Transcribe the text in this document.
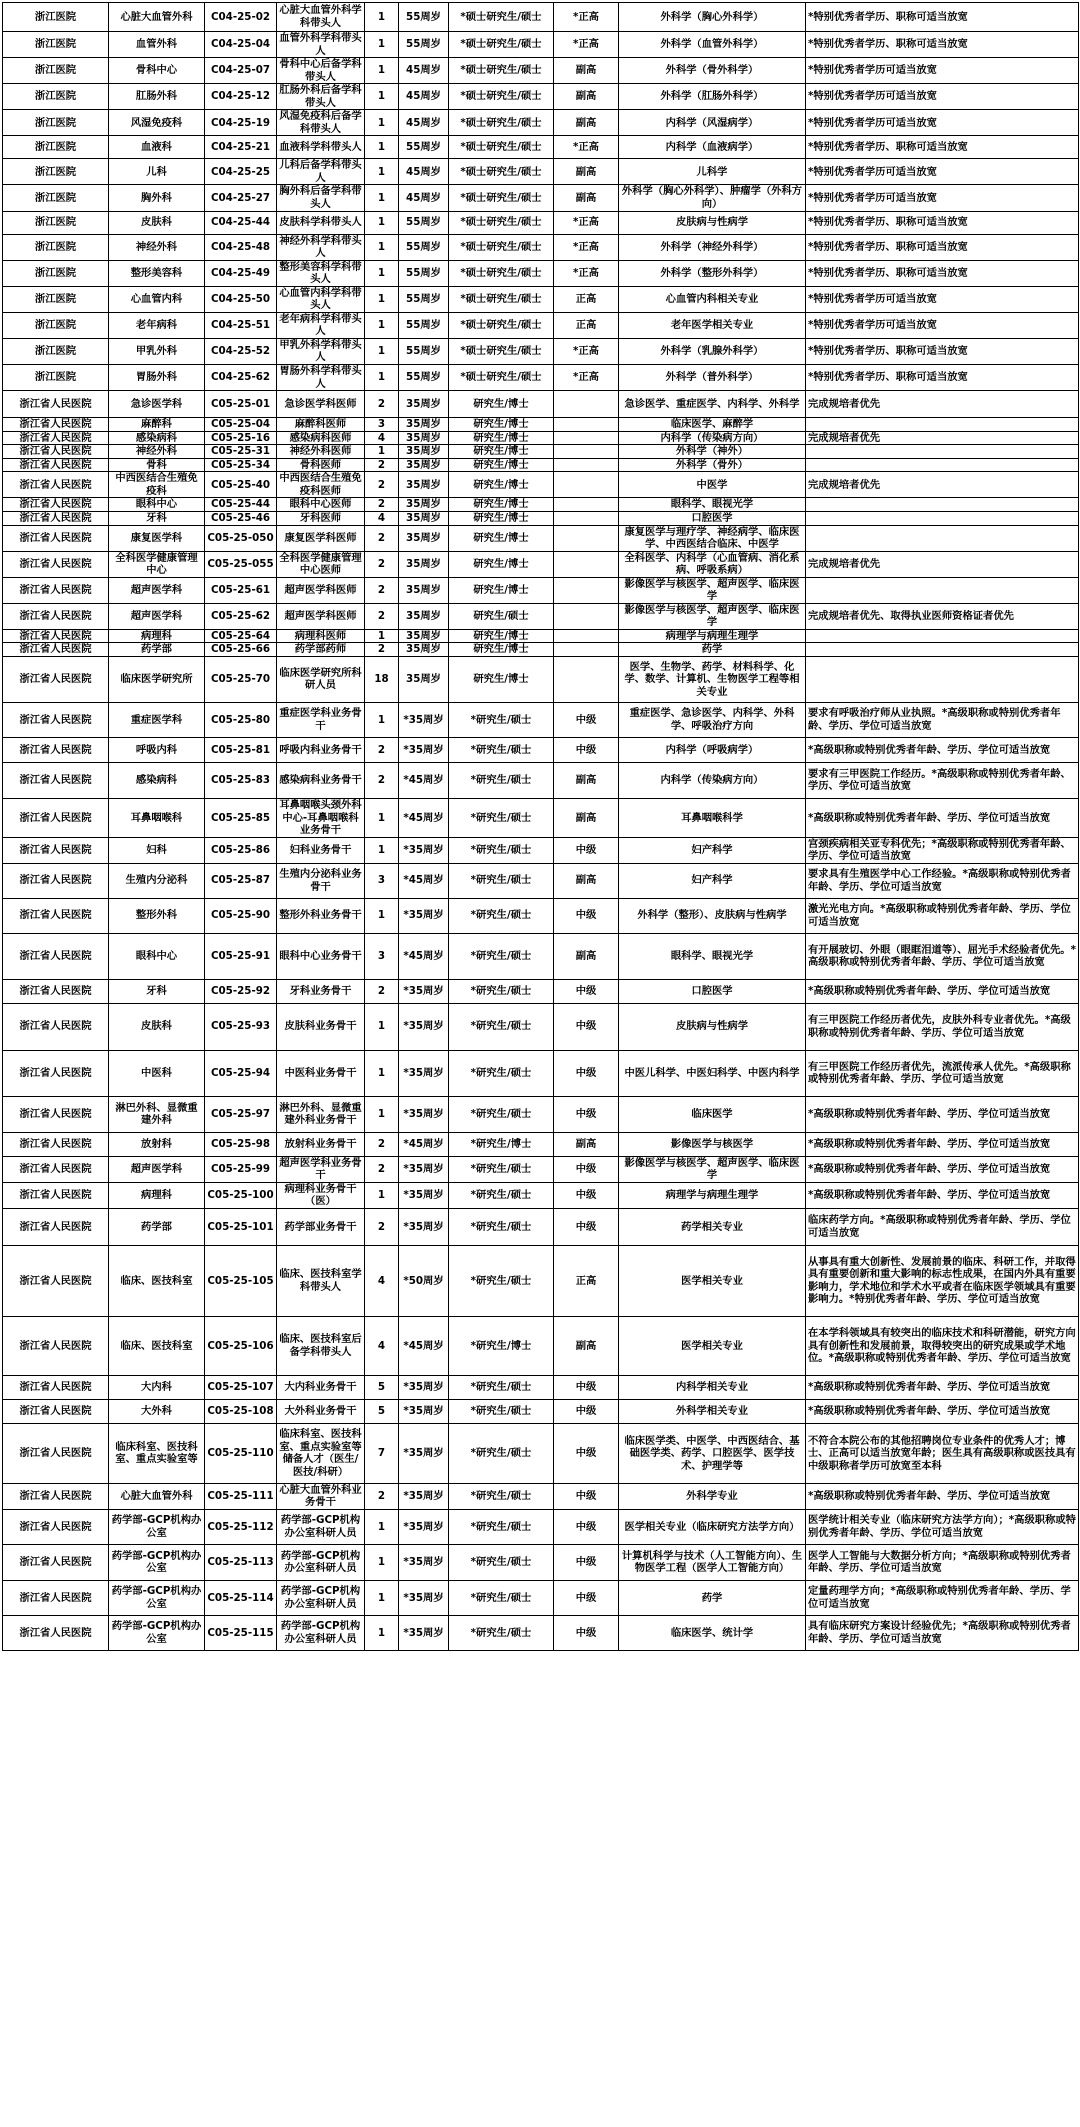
浙江医院	心脏大血管外科	C04-25-02	心脏大血管外科学科带头人	1	55周岁	*硕士研究生/硕士	*正高	外科学（胸心外科学）	*特别优秀者学历、职称可适当放宽
浙江医院	血管外科	C04-25-04	血管外科学科带头人	1	55周岁	*硕士研究生/硕士	*正高	外科学（血管外科学）	*特别优秀者学历、职称可适当放宽
浙江医院	骨科中心	C04-25-07	骨科中心后备学科带头人	1	45周岁	*硕士研究生/硕士	副高	外科学（骨外科学）	*特别优秀者学历可适当放宽
浙江医院	肛肠外科	C04-25-12	肛肠外科后备学科带头人	1	45周岁	*硕士研究生/硕士	副高	外科学（肛肠外科学）	*特别优秀者学历可适当放宽
浙江医院	风湿免疫科	C04-25-19	风湿免疫科后备学科带头人	1	45周岁	*硕士研究生/硕士	副高	内科学（风湿病学）	*特别优秀者学历可适当放宽
浙江医院	血液科	C04-25-21	血液科学科带头人	1	55周岁	*硕士研究生/硕士	*正高	内科学（血液病学）	*特别优秀者学历、职称可适当放宽
浙江医院	儿科	C04-25-25	儿科后备学科带头人	1	45周岁	*硕士研究生/硕士	副高	儿科学	*特别优秀者学历可适当放宽
浙江医院	胸外科	C04-25-27	胸外科后备学科带头人	1	45周岁	*硕士研究生/硕士	副高	外科学（胸心外科学）、肿瘤学（外科方向）	*特别优秀者学历可适当放宽
浙江医院	皮肤科	C04-25-44	皮肤科学科带头人	1	55周岁	*硕士研究生/硕士	*正高	皮肤病与性病学	*特别优秀者学历、职称可适当放宽
浙江医院	神经外科	C04-25-48	神经外科学科带头人	1	55周岁	*硕士研究生/硕士	*正高	外科学（神经外科学）	*特别优秀者学历、职称可适当放宽
浙江医院	整形美容科	C04-25-49	整形美容科学科带头人	1	55周岁	*硕士研究生/硕士	*正高	外科学（整形外科学）	*特别优秀者学历、职称可适当放宽
浙江医院	心血管内科	C04-25-50	心血管内科学科带头人	1	55周岁	*硕士研究生/硕士	正高	心血管内科相关专业	*特别优秀者学历可适当放宽
浙江医院	老年病科	C04-25-51	老年病科学科带头人	1	55周岁	*硕士研究生/硕士	正高	老年医学相关专业	*特别优秀者学历可适当放宽
浙江医院	甲乳外科	C04-25-52	甲乳外科学科带头人	1	55周岁	*硕士研究生/硕士	*正高	外科学（乳腺外科学）	*特别优秀者学历、职称可适当放宽
浙江医院	胃肠外科	C04-25-62	胃肠外科学科带头人	1	55周岁	*硕士研究生/硕士	*正高	外科学（普外科学）	*特别优秀者学历、职称可适当放宽
浙江省人民医院	急诊医学科	C05-25-01	急诊医学科医师	2	35周岁	研究生/博士		急诊医学、重症医学、内科学、外科学	完成规培者优先
浙江省人民医院	麻醉科	C05-25-04	麻醉科医师	3	35周岁	研究生/博士		临床医学、麻醉学	
浙江省人民医院	感染病科	C05-25-16	感染病科医师	4	35周岁	研究生/博士		内科学（传染病方向）	完成规培者优先
浙江省人民医院	神经外科	C05-25-31	神经外科医师	1	35周岁	研究生/博士		外科学（神外）	
浙江省人民医院	骨科	C05-25-34	骨科医师	2	35周岁	研究生/博士		外科学（骨外）	
浙江省人民医院	中西医结合生殖免疫科	C05-25-40	中西医结合生殖免疫科医师	2	35周岁	研究生/博士		中医学	完成规培者优先
浙江省人民医院	眼科中心	C05-25-44	眼科中心医师	2	35周岁	研究生/博士		眼科学、眼视光学	
浙江省人民医院	牙科	C05-25-46	牙科医师	4	35周岁	研究生/博士		口腔医学	
浙江省人民医院	康复医学科	C05-25-050	康复医学科医师	2	35周岁	研究生/博士		康复医学与理疗学、神经病学、临床医学、中西医结合临床、中医学	
浙江省人民医院	全科医学健康管理中心	C05-25-055	全科医学健康管理中心医师	2	35周岁	研究生/博士		全科医学、内科学（心血管病、消化系病、呼吸系病）	完成规培者优先
浙江省人民医院	超声医学科	C05-25-61	超声医学科医师	2	35周岁	研究生/博士		影像医学与核医学、超声医学、临床医学	
浙江省人民医院	超声医学科	C05-25-62	超声医学科医师	2	35周岁	研究生/硕士		影像医学与核医学、超声医学、临床医学	完成规培者优先、取得执业医师资格证者优先
浙江省人民医院	病理科	C05-25-64	病理科医师	1	35周岁	研究生/博士		病理学与病理生理学	
浙江省人民医院	药学部	C05-25-66	药学部药师	2	35周岁	研究生/博士		药学	
浙江省人民医院	临床医学研究所	C05-25-70	临床医学研究所科研人员	18	35周岁	研究生/博士		医学、生物学、药学、材料科学、化学、数学、计算机、生物医学工程等相关专业	
浙江省人民医院	重症医学科	C05-25-80	重症医学科业务骨干	1	*35周岁	*研究生/硕士	中级	重症医学、急诊医学、内科学、外科学、呼吸治疗方向	要求有呼吸治疗师从业执照。*高级职称或特别优秀者年龄、学历、学位可适当放宽
浙江省人民医院	呼吸内科	C05-25-81	呼吸内科业务骨干	2	*35周岁	*研究生/硕士	中级	内科学（呼吸病学）	*高级职称或特别优秀者年龄、学历、学位可适当放宽
浙江省人民医院	感染病科	C05-25-83	感染病科业务骨干	2	*45周岁	*研究生/硕士	副高	内科学（传染病方向）	要求有三甲医院工作经历。*高级职称或特别优秀者年龄、学历、学位可适当放宽
浙江省人民医院	耳鼻咽喉科	C05-25-85	耳鼻咽喉头颈外科中心-耳鼻咽喉科业务骨干	1	*45周岁	*研究生/硕士	副高	耳鼻咽喉科学	*高级职称或特别优秀者年龄、学历、学位可适当放宽
浙江省人民医院	妇科	C05-25-86	妇科业务骨干	1	*35周岁	*研究生/硕士	中级	妇产科学	宫颈疾病相关亚专科优先；*高级职称或特别优秀者年龄、学历、学位可适当放宽
浙江省人民医院	生殖内分泌科	C05-25-87	生殖内分泌科业务骨干	3	*45周岁	*研究生/硕士	副高	妇产科学	要求具有生殖医学中心工作经验。*高级职称或特别优秀者年龄、学历、学位可适当放宽
浙江省人民医院	整形外科	C05-25-90	整形外科业务骨干	1	*35周岁	*研究生/硕士	中级	外科学（整形）、皮肤病与性病学	激光光电方向。*高级职称或特别优秀者年龄、学历、学位可适当放宽
浙江省人民医院	眼科中心	C05-25-91	眼科中心业务骨干	3	*45周岁	*研究生/硕士	副高	眼科学、眼视光学	有开展玻切、外眼（眼眶泪道等）、屈光手术经验者优先。*高级职称或特别优秀者年龄、学历、学位可适当放宽
浙江省人民医院	牙科	C05-25-92	牙科业务骨干	2	*35周岁	*研究生/硕士	中级	口腔医学	*高级职称或特别优秀者年龄、学历、学位可适当放宽
浙江省人民医院	皮肤科	C05-25-93	皮肤科业务骨干	1	*35周岁	*研究生/硕士	中级	皮肤病与性病学	有三甲医院工作经历者优先，皮肤外科专业者优先。*高级职称或特别优秀者年龄、学历、学位可适当放宽
浙江省人民医院	中医科	C05-25-94	中医科业务骨干	1	*35周岁	*研究生/硕士	中级	中医儿科学、中医妇科学、中医内科学	有三甲医院工作经历者优先，流派传承人优先。*高级职称或特别优秀者年龄、学历、学位可适当放宽
浙江省人民医院	淋巴外科、显微重建外科	C05-25-97	淋巴外科、显微重建外科业务骨干	1	*35周岁	*研究生/硕士	中级	临床医学	*高级职称或特别优秀者年龄、学历、学位可适当放宽
浙江省人民医院	放射科	C05-25-98	放射科业务骨干	2	*45周岁	*研究生/博士	副高	影像医学与核医学	*高级职称或特别优秀者年龄、学历、学位可适当放宽
浙江省人民医院	超声医学科	C05-25-99	超声医学科业务骨干	2	*35周岁	*研究生/硕士	中级	影像医学与核医学、超声医学、临床医学	*高级职称或特别优秀者年龄、学历、学位可适当放宽
浙江省人民医院	病理科	C05-25-100	病理科业务骨干（医）	1	*35周岁	*研究生/硕士	中级	病理学与病理生理学	*高级职称或特别优秀者年龄、学历、学位可适当放宽
浙江省人民医院	药学部	C05-25-101	药学部业务骨干	2	*35周岁	*研究生/硕士	中级	药学相关专业	临床药学方向。*高级职称或特别优秀者年龄、学历、学位可适当放宽
浙江省人民医院	临床、医技科室	C05-25-105	临床、医技科室学科带头人	4	*50周岁	*研究生/硕士	正高	医学相关专业	从事具有重大创新性、发展前景的临床、科研工作，并取得具有重要创新和重大影响的标志性成果，在国内外具有重要影响力，学术地位和学术水平或者在临床医学领域具有重要影响力。*特别优秀者年龄、学历、学位可适当放宽
浙江省人民医院	临床、医技科室	C05-25-106	临床、医技科室后备学科带头人	4	*45周岁	*研究生/博士	副高	医学相关专业	在本学科领域具有较突出的临床技术和科研潜能，研究方向具有创新性和发展前景，取得较突出的研究成果或学术地位。*高级职称或特别优秀者年龄、学历、学位可适当放宽
浙江省人民医院	大内科	C05-25-107	大内科业务骨干	5	*35周岁	*研究生/硕士	中级	内科学相关专业	*高级职称或特别优秀者年龄、学历、学位可适当放宽
浙江省人民医院	大外科	C05-25-108	大外科业务骨干	5	*35周岁	*研究生/硕士	中级	外科学相关专业	*高级职称或特别优秀者年龄、学历、学位可适当放宽
浙江省人民医院	临床科室、医技科室、重点实验室等	C05-25-110	临床科室、医技科室、重点实验室等储备人才（医生/医技/科研）	7	*35周岁	*研究生/硕士	中级	临床医学类、中医学、中西医结合、基础医学类、药学、口腔医学、医学技术、护理学等	不符合本院公布的其他招聘岗位专业条件的优秀人才；博士、正高可以适当放宽年龄；医生具有高级职称或医技具有中级职称者学历可放宽至本科
浙江省人民医院	心脏大血管外科	C05-25-111	心脏大血管外科业务骨干	2	*35周岁	*研究生/硕士	中级	外科学专业	*高级职称或特别优秀者年龄、学历、学位可适当放宽
浙江省人民医院	药学部-GCP机构办公室	C05-25-112	药学部-GCP机构办公室科研人员	1	*35周岁	*研究生/硕士	中级	医学相关专业（临床研究方法学方向）	医学统计相关专业（临床研究方法学方向）；*高级职称或特别优秀者年龄、学历、学位可适当放宽
浙江省人民医院	药学部-GCP机构办公室	C05-25-113	药学部-GCP机构办公室科研人员	1	*35周岁	*研究生/硕士	中级	计算机科学与技术（人工智能方向）、生物医学工程（医学人工智能方向）	医学人工智能与大数据分析方向；*高级职称或特别优秀者年龄、学历、学位可适当放宽
浙江省人民医院	药学部-GCP机构办公室	C05-25-114	药学部-GCP机构办公室科研人员	1	*35周岁	*研究生/硕士	中级	药学	定量药理学方向；*高级职称或特别优秀者年龄、学历、学位可适当放宽
浙江省人民医院	药学部-GCP机构办公室	C05-25-115	药学部-GCP机构办公室科研人员	1	*35周岁	*研究生/硕士	中级	临床医学、统计学	具有临床研究方案设计经验优先；*高级职称或特别优秀者年龄、学历、学位可适当放宽
